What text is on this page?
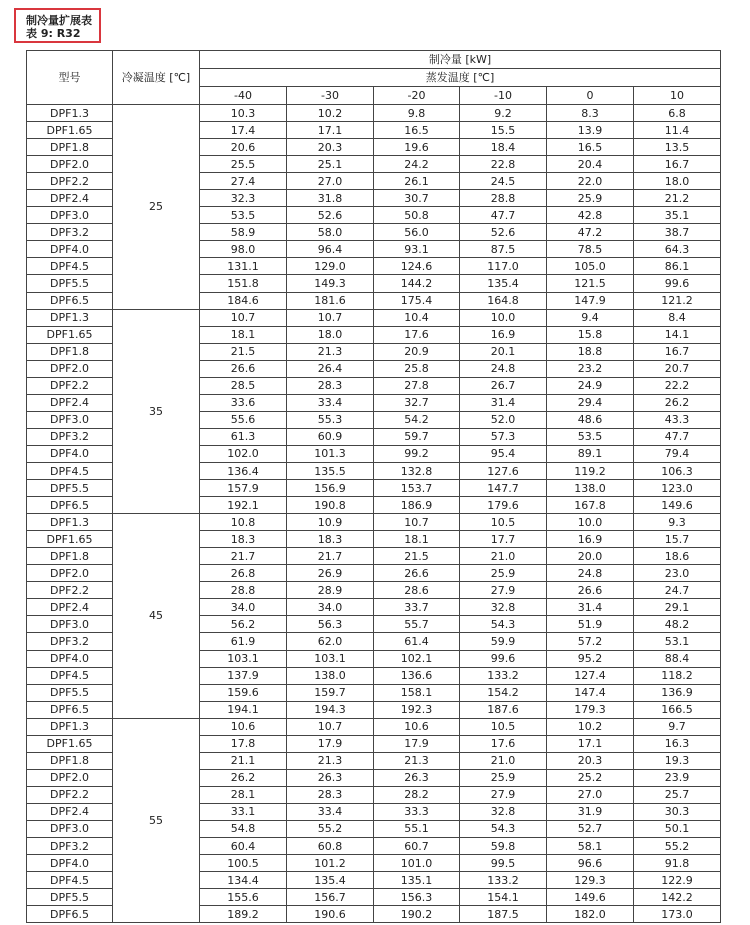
制冷量扩展表
表 9: R32
型号	冷凝温度 [℃]	制冷量 [kW]					
		蒸发温度 [℃]					
		-40	-30	-20	-10	0	10
DPF1.3	25	10.3	10.2	9.8	9.2	8.3	6.8
DPF1.65		17.4	17.1	16.5	15.5	13.9	11.4
DPF1.8		20.6	20.3	19.6	18.4	16.5	13.5
DPF2.0		25.5	25.1	24.2	22.8	20.4	16.7
DPF2.2		27.4	27.0	26.1	24.5	22.0	18.0
DPF2.4		32.3	31.8	30.7	28.8	25.9	21.2
DPF3.0		53.5	52.6	50.8	47.7	42.8	35.1
DPF3.2		58.9	58.0	56.0	52.6	47.2	38.7
DPF4.0		98.0	96.4	93.1	87.5	78.5	64.3
DPF4.5		131.1	129.0	124.6	117.0	105.0	86.1
DPF5.5		151.8	149.3	144.2	135.4	121.5	99.6
DPF6.5		184.6	181.6	175.4	164.8	147.9	121.2
DPF1.3	35	10.7	10.7	10.4	10.0	9.4	8.4
DPF1.65		18.1	18.0	17.6	16.9	15.8	14.1
DPF1.8		21.5	21.3	20.9	20.1	18.8	16.7
DPF2.0		26.6	26.4	25.8	24.8	23.2	20.7
DPF2.2		28.5	28.3	27.8	26.7	24.9	22.2
DPF2.4		33.6	33.4	32.7	31.4	29.4	26.2
DPF3.0		55.6	55.3	54.2	52.0	48.6	43.3
DPF3.2		61.3	60.9	59.7	57.3	53.5	47.7
DPF4.0		102.0	101.3	99.2	95.4	89.1	79.4
DPF4.5		136.4	135.5	132.8	127.6	119.2	106.3
DPF5.5		157.9	156.9	153.7	147.7	138.0	123.0
DPF6.5		192.1	190.8	186.9	179.6	167.8	149.6
DPF1.3	45	10.8	10.9	10.7	10.5	10.0	9.3
DPF1.65		18.3	18.3	18.1	17.7	16.9	15.7
DPF1.8		21.7	21.7	21.5	21.0	20.0	18.6
DPF2.0		26.8	26.9	26.6	25.9	24.8	23.0
DPF2.2		28.8	28.9	28.6	27.9	26.6	24.7
DPF2.4		34.0	34.0	33.7	32.8	31.4	29.1
DPF3.0		56.2	56.3	55.7	54.3	51.9	48.2
DPF3.2		61.9	62.0	61.4	59.9	57.2	53.1
DPF4.0		103.1	103.1	102.1	99.6	95.2	88.4
DPF4.5		137.9	138.0	136.6	133.2	127.4	118.2
DPF5.5		159.6	159.7	158.1	154.2	147.4	136.9
DPF6.5		194.1	194.3	192.3	187.6	179.3	166.5
DPF1.3	55	10.6	10.7	10.6	10.5	10.2	9.7
DPF1.65		17.8	17.9	17.9	17.6	17.1	16.3
DPF1.8		21.1	21.3	21.3	21.0	20.3	19.3
DPF2.0		26.2	26.3	26.3	25.9	25.2	23.9
DPF2.2		28.1	28.3	28.2	27.9	27.0	25.7
DPF2.4		33.1	33.4	33.3	32.8	31.9	30.3
DPF3.0		54.8	55.2	55.1	54.3	52.7	50.1
DPF3.2		60.4	60.8	60.7	59.8	58.1	55.2
DPF4.0		100.5	101.2	101.0	99.5	96.6	91.8
DPF4.5		134.4	135.4	135.1	133.2	129.3	122.9
DPF5.5		155.6	156.7	156.3	154.1	149.6	142.2
DPF6.5		189.2	190.6	190.2	187.5	182.0	173.0
